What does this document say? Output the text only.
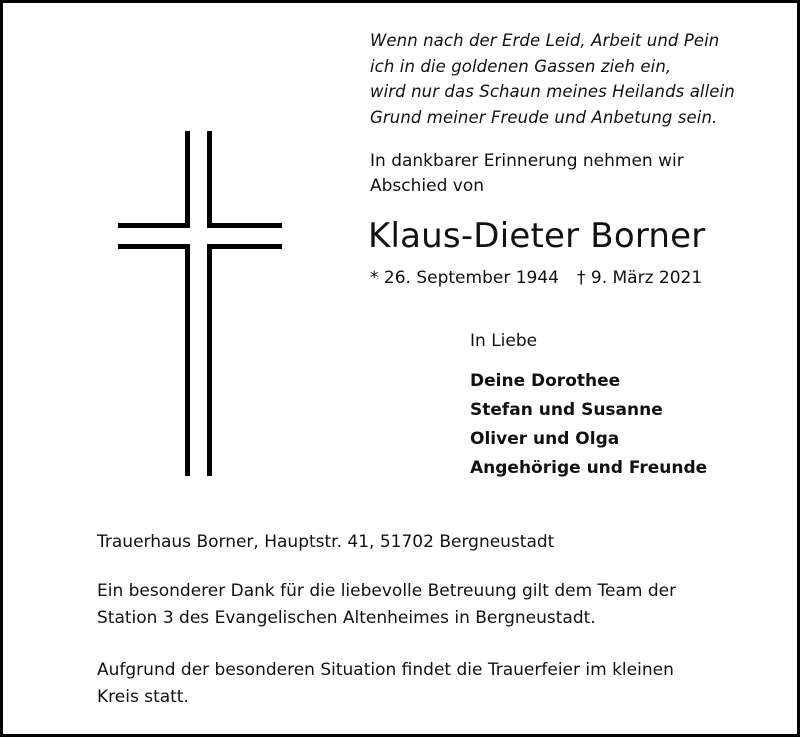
Wenn nach der Erde Leid, Arbeit und Pein
ich in die goldenen Gassen zieh ein,
wird nur das Schaun meines Heilands allein
Grund meiner Freude und Anbetung sein.
In dankbarer Erinnerung nehmen wir
Abschied von
Klaus-Dieter Borner
* 26. September 1944 † 9. März 2021
In Liebe
Deine Dorothee
Stefan und Susanne
Oliver und Olga
Angehörige und Freunde
Trauerhaus Borner, Hauptstr. 41, 51702 Bergneustadt
Ein besonderer Dank für die liebevolle Betreuung gilt dem Team der
Station 3 des Evangelischen Altenheimes in Bergneustadt.
Aufgrund der besonderen Situation findet die Trauerfeier im kleinen
Kreis statt.
